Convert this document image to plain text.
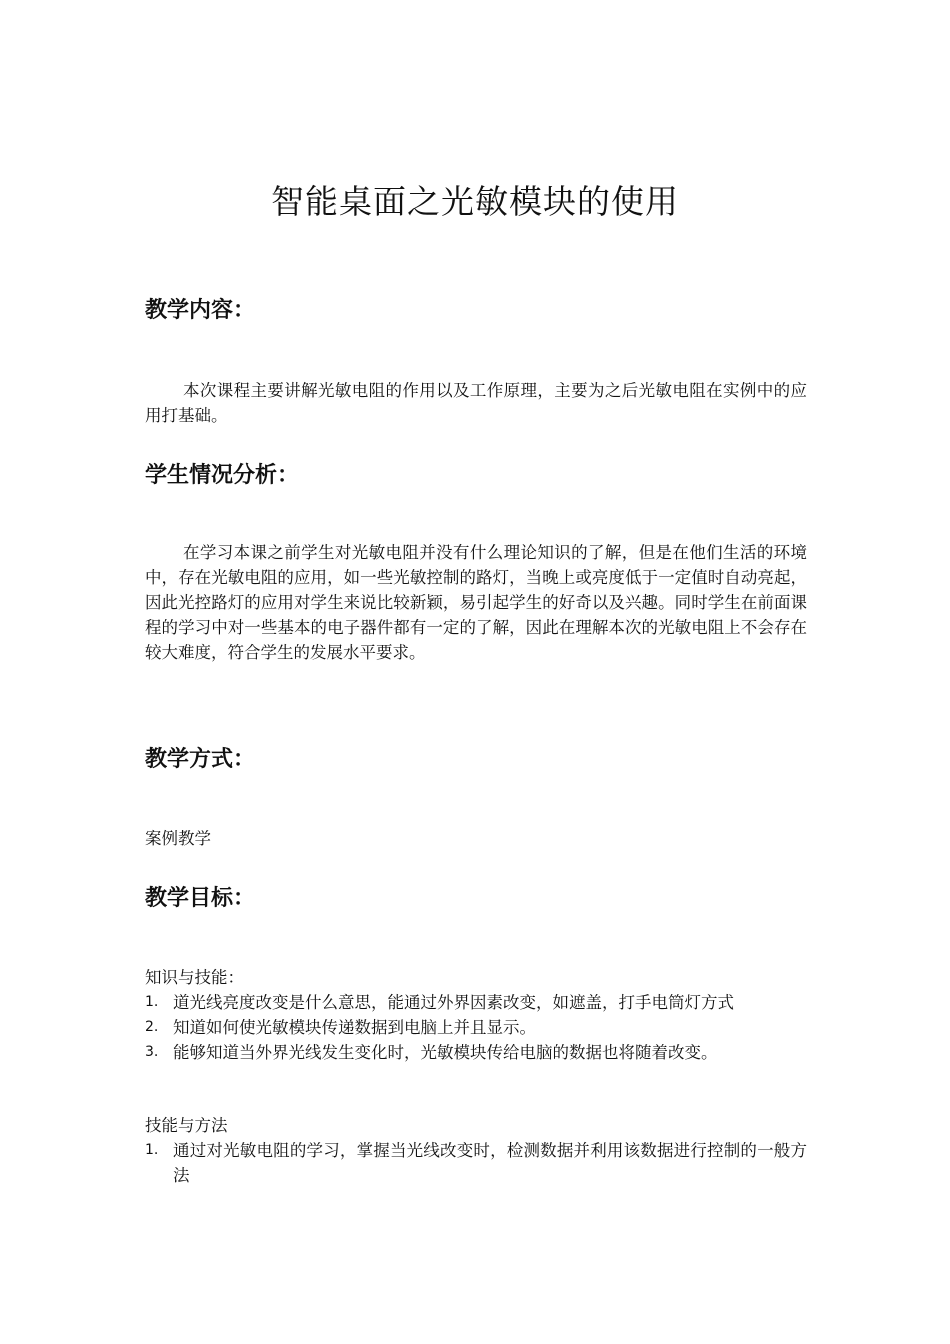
智能桌面之光敏模块的使用
教学内容：

本次课程主要讲解光敏电阻的作用以及工作原理，主要为之后光敏电阻在实例中的应用打基础。

学生情况分析：

在学习本课之前学生对光敏电阻并没有什么理论知识的了解，但是在他们生活的环境中，存在光敏电阻的应用，如一些光敏控制的路灯，当晚上或亮度低于一定值时自动亮起，因此光控路灯的应用对学生来说比较新颖，易引起学生的好奇以及兴趣。同时学生在前面课程的学习中对一些基本的电子器件都有一定的了解，因此在理解本次的光敏电阻上不会存在较大难度，符合学生的发展水平要求。

教学方式：
案例教学
教学目标：
知识与技能：
1. 道光线亮度改变是什么意思，能通过外界因素改变，如遮盖，打手电筒灯方式
2. 知道如何使光敏模块传递数据到电脑上并且显示。
3. 能够知道当外界光线发生变化时，光敏模块传给电脑的数据也将随着改变。
技能与方法
1. 通过对光敏电阻的学习，掌握当光线改变时，检测数据并利用该数据进行控制的一般方法
